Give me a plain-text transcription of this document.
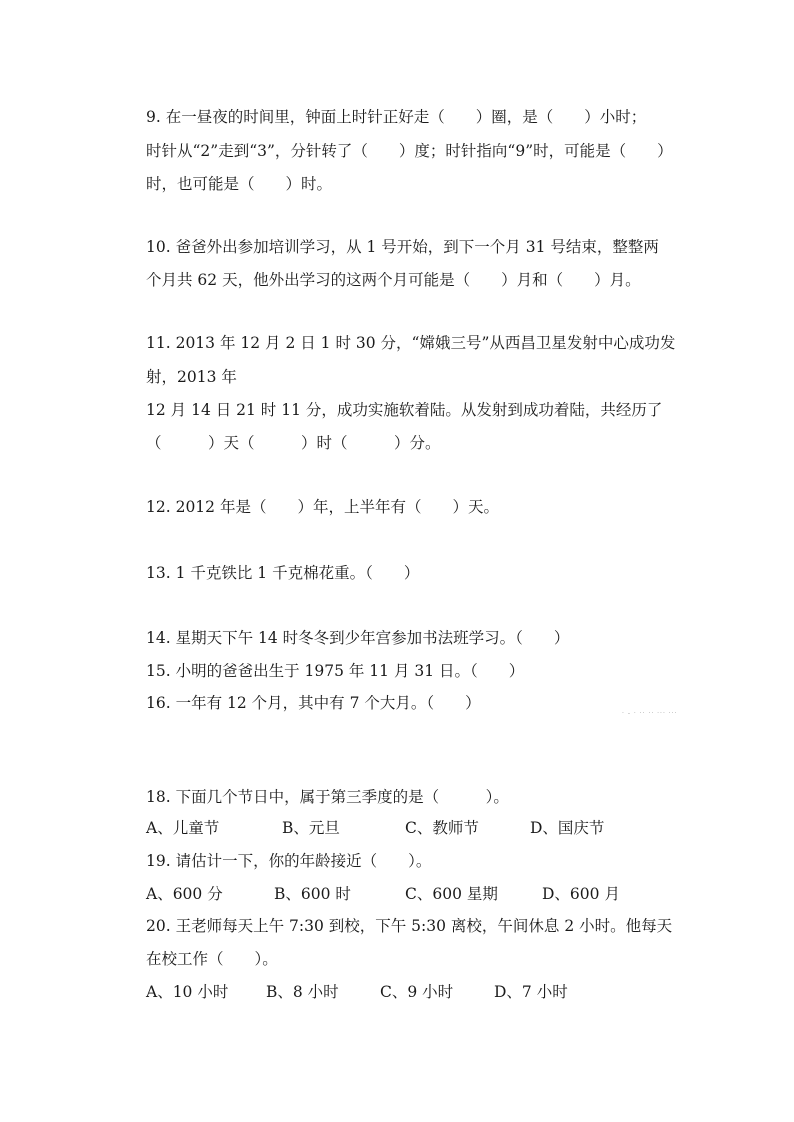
9. 在一昼夜的时间里，钟面上时针正好走（　　）圈，是（　　）小时；
时针从“2”走到“3”，分针转了（　　）度；时针指向“9”时，可能是（　　）
时，也可能是（　　）时。
10. 爸爸外出参加培训学习，从 1 号开始，到下一个月 31 号结束，整整两
个月共 62 天，他外出学习的这两个月可能是（　　）月和（　　）月。
11. 2013 年 12 月 2 日 1 时 30 分，“嫦娥三号”从西昌卫星发射中心成功发
射，2013 年
12 月 14 日 21 时 11 分，成功实施软着陆。从发射到成功着陆，共经历了
（　　　）天（　　　）时（　　　）分。
12. 2012 年是（　　）年，上半年有（　　）天。
13. 1 千克铁比 1 千克棉花重。（　　）
14. 星期天下午 14 时冬冬到少年宫参加书法班学习。（　　）
15. 小明的爸爸出生于 1975 年 11 月 31 日。（　　）
16. 一年有 12 个月，其中有 7 个大月。（　　）
· - · ·· ·· ··· ···
18. 下面几个节日中，属于第三季度的是（　　　）。
A、儿童节	B、元旦	C、教师节	D、国庆节
19. 请估计一下，你的年龄接近（　　）。
A、600 分	B、600 时	C、600 星期	D、600 月
20. 王老师每天上午 7:30 到校，下午 5:30 离校，午间休息 2 小时。他每天
在校工作（　　）。
A、10 小时 B、8 小时	C、9 小时	D、7 小时
